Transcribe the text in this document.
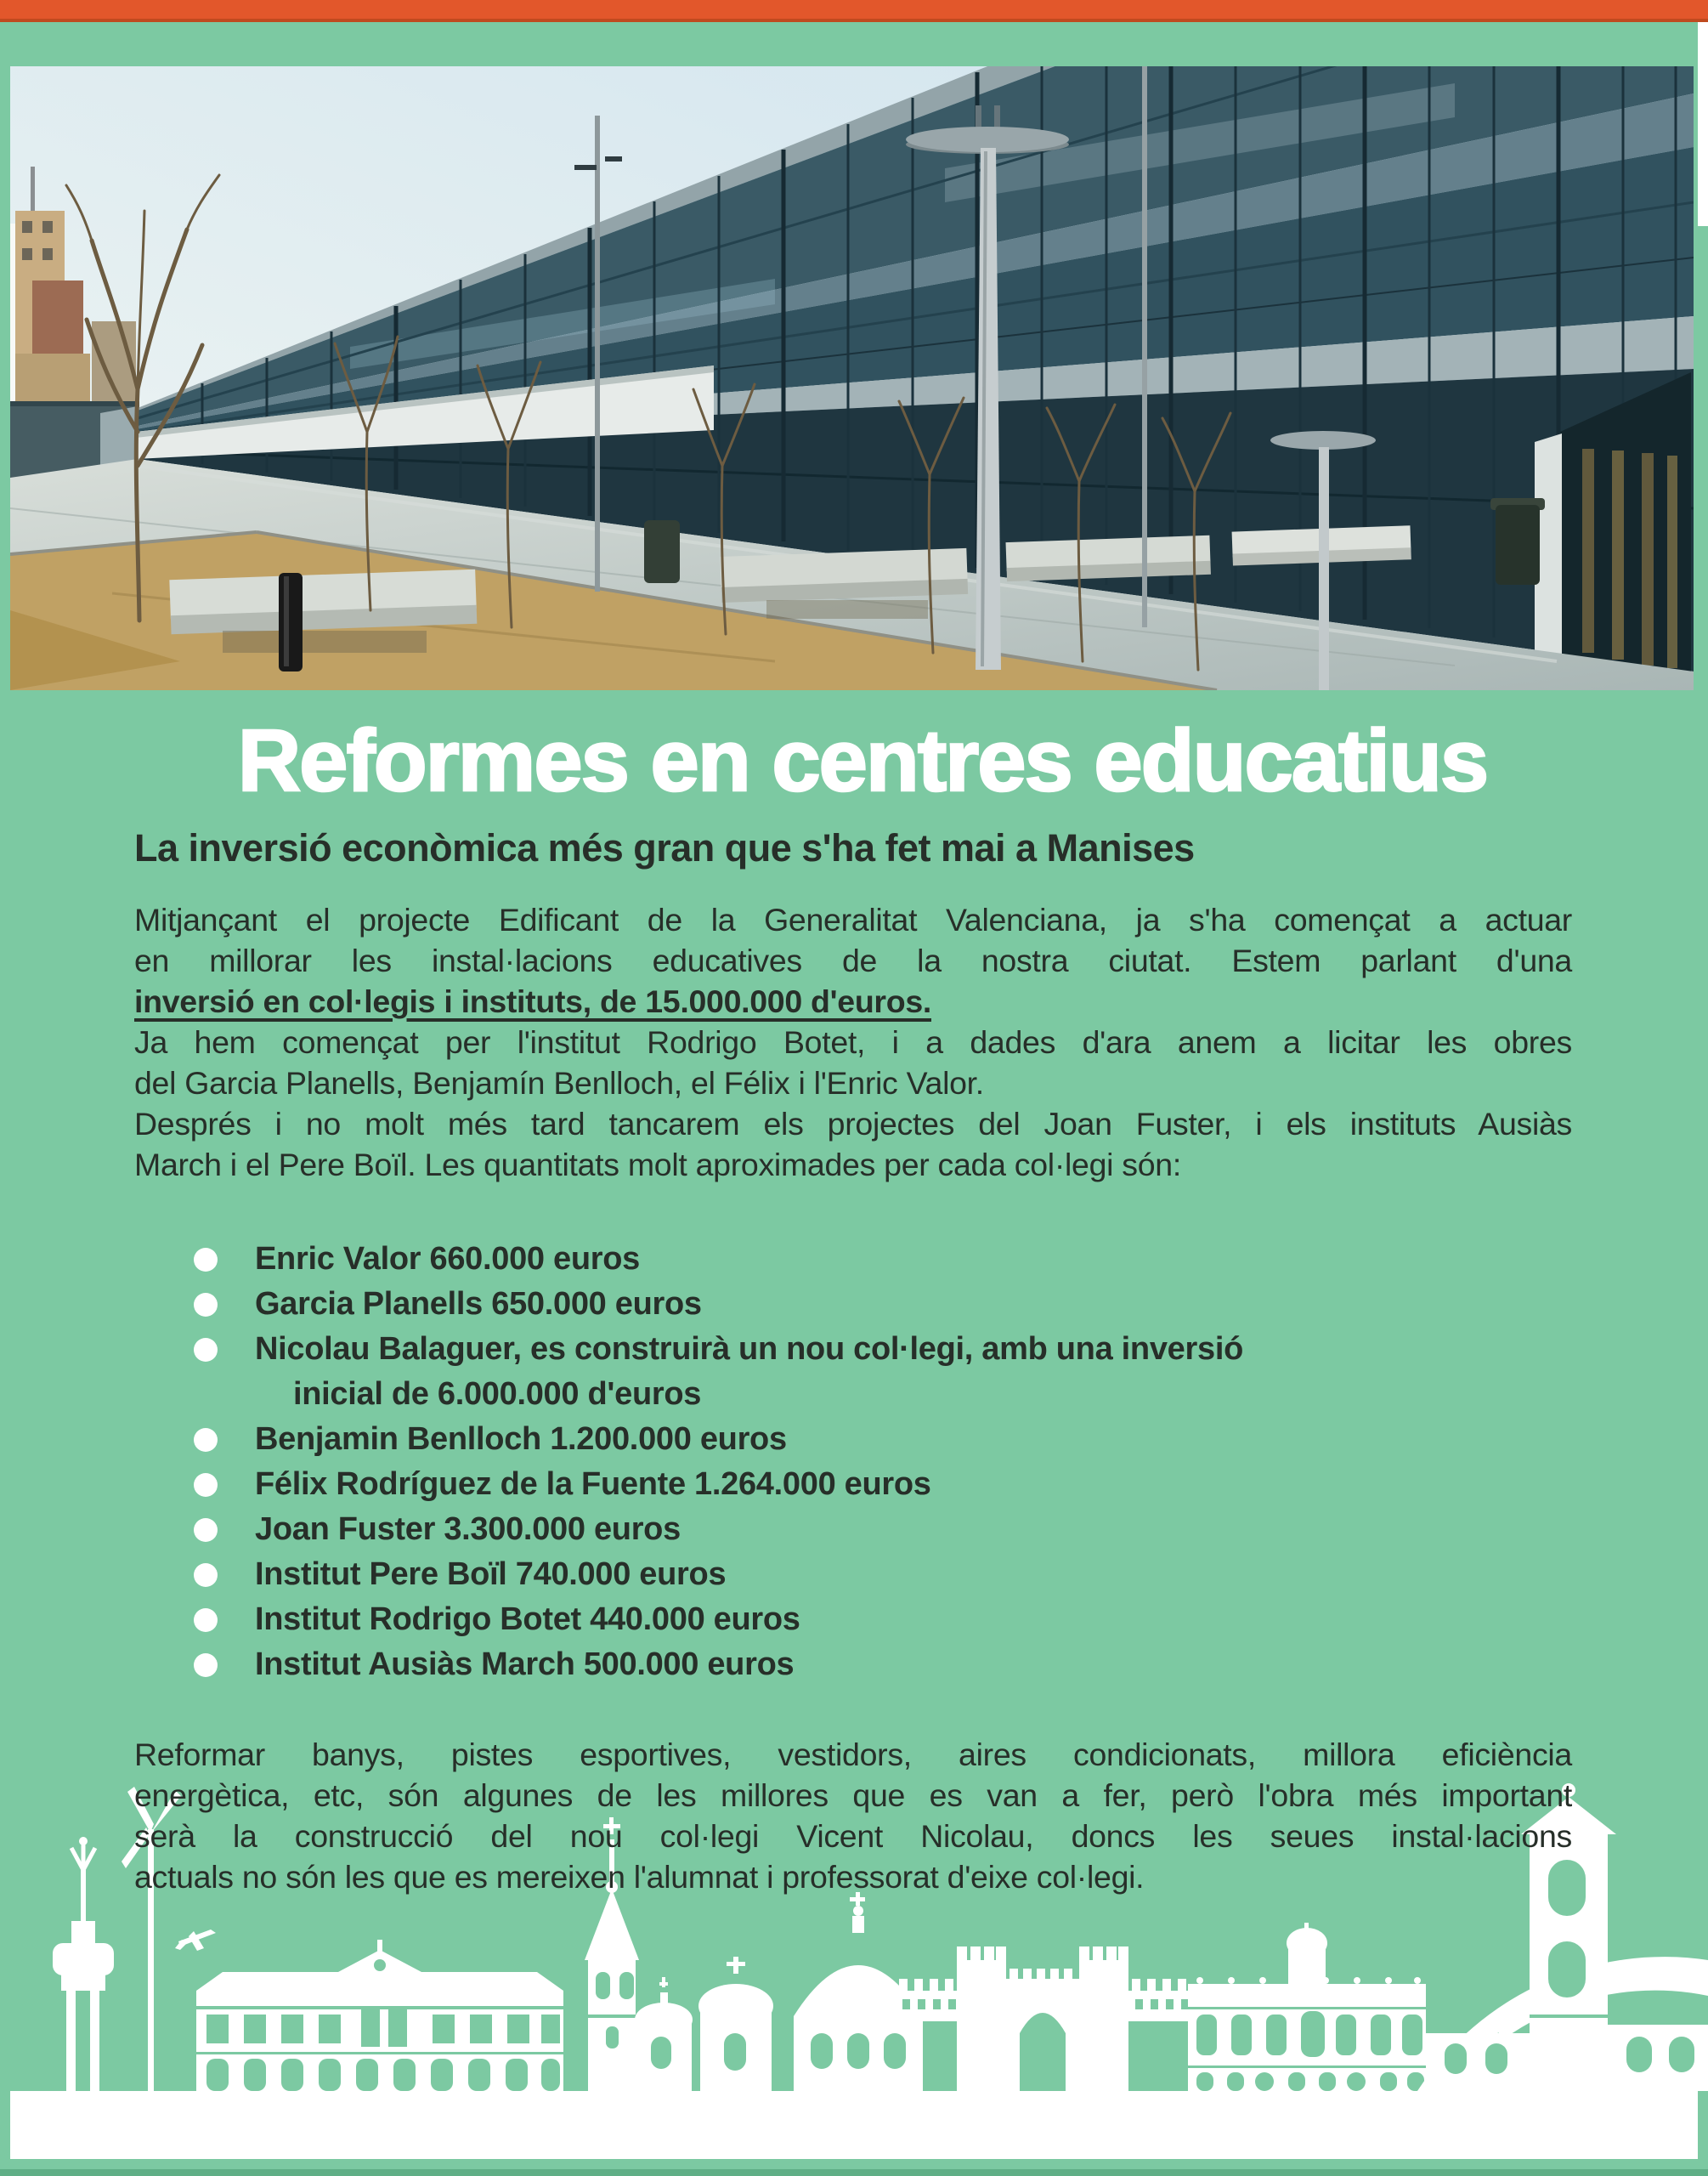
Reformes en centres educatius
La inversió econòmica més gran que s'ha fet mai a Manises
Mitjançant el projecte Edificant de la Generalitat Valenciana, ja s'ha començat a actuar
en millorar les instal·lacions educatives de la nostra ciutat. Estem parlant d'una
inversió en col·legis i instituts, de 15.000.000 d'euros.
Ja hem començat per l'institut Rodrigo Botet, i a dades d'ara anem a licitar les obres
del Garcia Planells, Benjamín Benlloch, el Félix i l'Enric Valor.
Després i no molt més tard tancarem els projectes del Joan Fuster, i els instituts Ausiàs
March i el Pere Boïl. Les quantitats molt aproximades per cada col·legi són:
Enric Valor 660.000 euros
Garcia Planells 650.000 euros
Nicolau Balaguer, es construirà un nou col·legi, amb una inversió
inicial de 6.000.000 d'euros
Benjamin Benlloch 1.200.000 euros
Félix Rodríguez de la Fuente 1.264.000 euros
Joan Fuster 3.300.000 euros
Institut Pere Boïl 740.000 euros
Institut Rodrigo Botet 440.000 euros
Institut Ausiàs March 500.000 euros
Reformar banys, pistes esportives, vestidors, aires condicionats, millora eficiència
energètica, etc, són algunes de les millores que es van a fer, però l'obra més important
serà la construcció del nou col·legi Vicent Nicolau, doncs les seues instal·lacions
actuals no són les que es mereixen l'alumnat i professorat d'eixe col·legi.
